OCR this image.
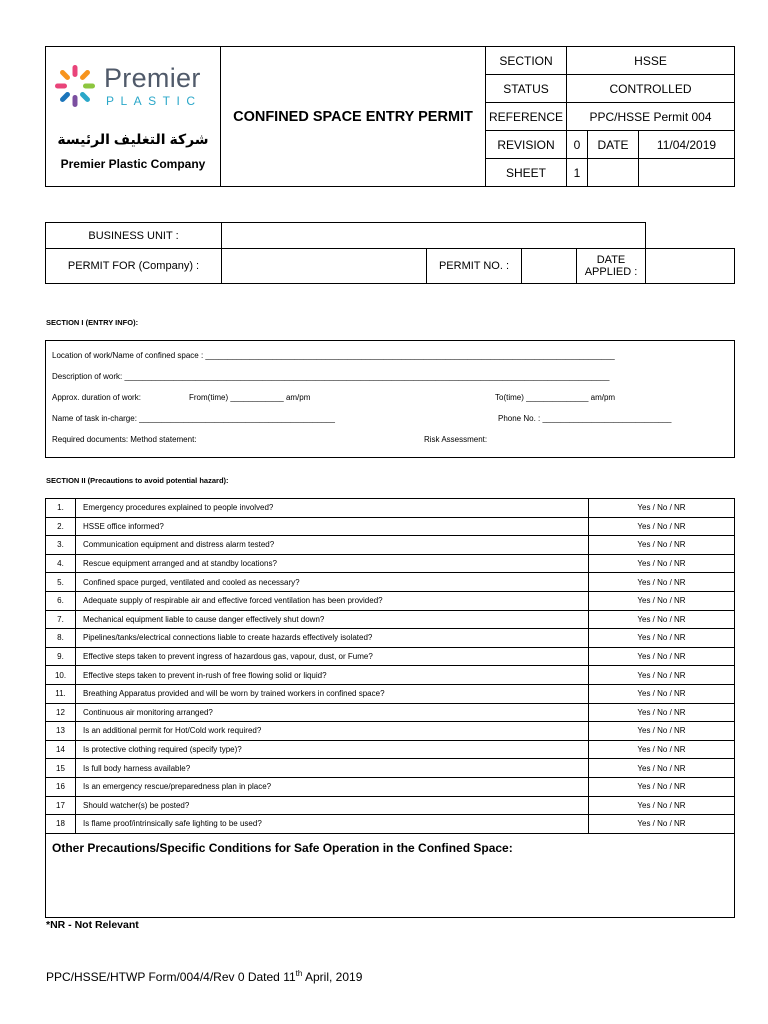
Premier
PLASTIC
شركة التغليف الرئيسة
Premier Plastic Company	CONFINED SPACE ENTRY PERMIT	SECTION	HSSE		
		STATUS	CONTROLLED		
		REFERENCE	PPC/HSSE Permit 004		
		REVISION	0	DATE	11/04/2019
		SHEET	1		
BUSINESS UNIT :					
PERMIT FOR (Company) :		PERMIT NO. :		DATE
APPLIED :	
SECTION I (ENTRY INFO):
Location of work/Name of confined space : ____________________________________________________________________________________________
Description of work: _____________________________________________________________________________________________________________
Approx. duration of work:	From(time) ____________ am/pm	To(time) ______________ am/pm
Name of task in-charge: ____________________________________________	Phone No. : _____________________________
Required documents: Method statement:	Risk Assessment:
SECTION II (Precautions to avoid potential hazard):
1.	Emergency procedures explained to people involved?	Yes / No / NR
2.	HSSE office informed?	Yes / No / NR
3.	Communication equipment and distress alarm tested?	Yes / No / NR
4.	Rescue equipment arranged and at standby locations?	Yes / No / NR
5.	Confined space purged, ventilated and cooled as necessary?	Yes / No / NR
6.	Adequate supply of respirable air and effective forced ventilation has been provided?	Yes / No / NR
7.	Mechanical equipment liable to cause danger effectively shut down?	Yes / No / NR
8.	Pipelines/tanks/electrical connections liable to create hazards effectively isolated?	Yes / No / NR
9.	Effective steps taken to prevent ingress of hazardous gas, vapour, dust, or Fume?	Yes / No / NR
10.	Effective steps taken to prevent in-rush of free flowing solid or liquid?	Yes / No / NR
11.	Breathing Apparatus provided and will be worn by trained workers in confined space?	Yes / No / NR
12	Continuous air monitoring arranged?	Yes / No / NR
13	Is an additional permit for Hot/Cold work required?	Yes / No / NR
14	Is protective clothing required (specify type)?	Yes / No / NR
15	Is full body harness available?	Yes / No / NR
16	Is an emergency rescue/preparedness plan in place?	Yes / No / NR
17	Should watcher(s) be posted?	Yes / No / NR
18	Is flame proof/intrinsically safe lighting to be used?	Yes / No / NR
Other Precautions/Specific Conditions for Safe Operation in the Confined Space:
*NR - Not Relevant
PPC/HSSE/HTWP Form/004/4/Rev 0 Dated 11th April, 2019
